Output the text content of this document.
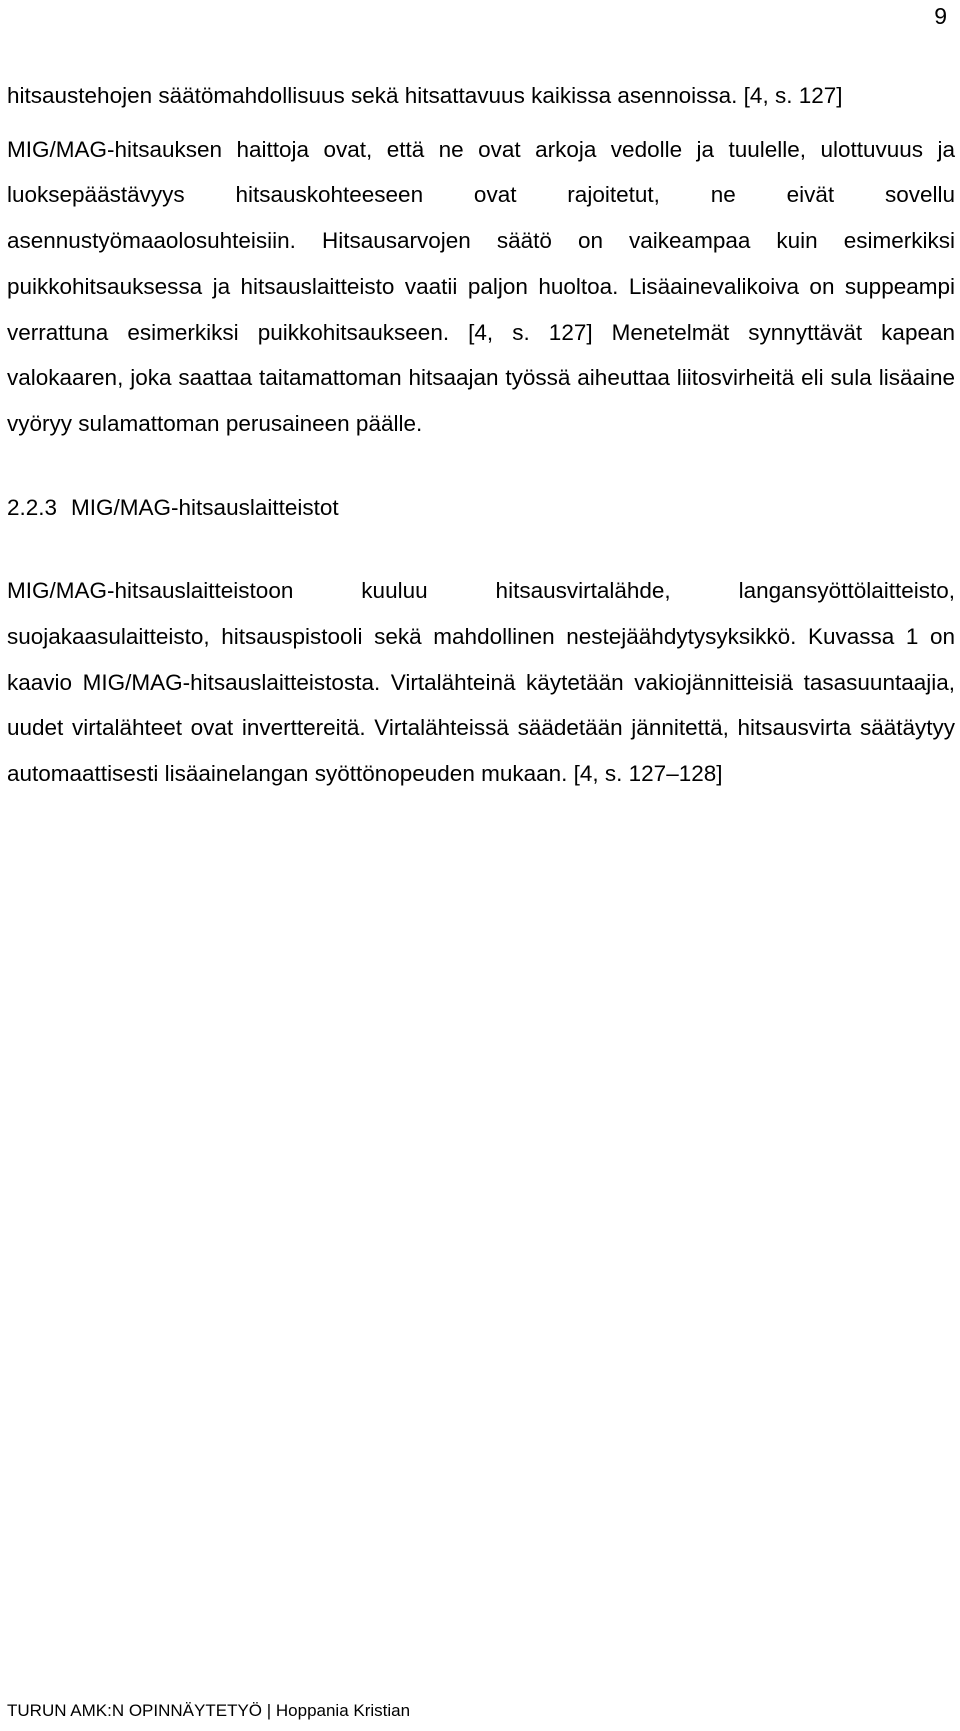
9

hitsaustehojen säätömahdollisuus sekä hitsattavuus kaikissa asennoissa. [4, s. 127]

MIG/MAG-hitsauksen haittoja ovat, että ne ovat arkoja vedolle ja tuulelle, ulottuvuus ja luoksepäästävyys hitsauskohteeseen ovat rajoitetut, ne eivät sovellu asennustyömaaolosuhteisiin. Hitsausarvojen säätö on vaikeampaa kuin esimerkiksi puikkohitsauksessa ja hitsauslaitteisto vaatii paljon huoltoa. Lisäainevalikoiva on suppeampi verrattuna esimerkiksi puikkohitsaukseen. [4, s. 127] Menetelmät synnyttävät kapean valokaaren, joka saattaa taitamattoman hitsaajan työssä aiheuttaa liitosvirheitä eli sula lisäaine vyöryy sulamattoman perusaineen päälle.

2.2.3 MIG/MAG-hitsauslaitteistot

MIG/MAG-hitsauslaitteistoon kuuluu hitsausvirtalähde, langansyöttölaitteisto, suojakaasulaitteisto, hitsauspistooli sekä mahdollinen nestejäähdytysyksikkö. Kuvassa 1 on kaavio MIG/MAG-hitsauslaitteistosta. Virtalähteinä käytetään vakiojännitteisiä tasasuuntaajia, uudet virtalähteet ovat inverttereitä. Virtalähteissä säädetään jännitettä, hitsausvirta säätäytyy automaattisesti lisäainelangan syöttönopeuden mukaan. [4, s. 127–128]

TURUN AMK:N OPINNÄYTETYÖ | Hoppania Kristian
